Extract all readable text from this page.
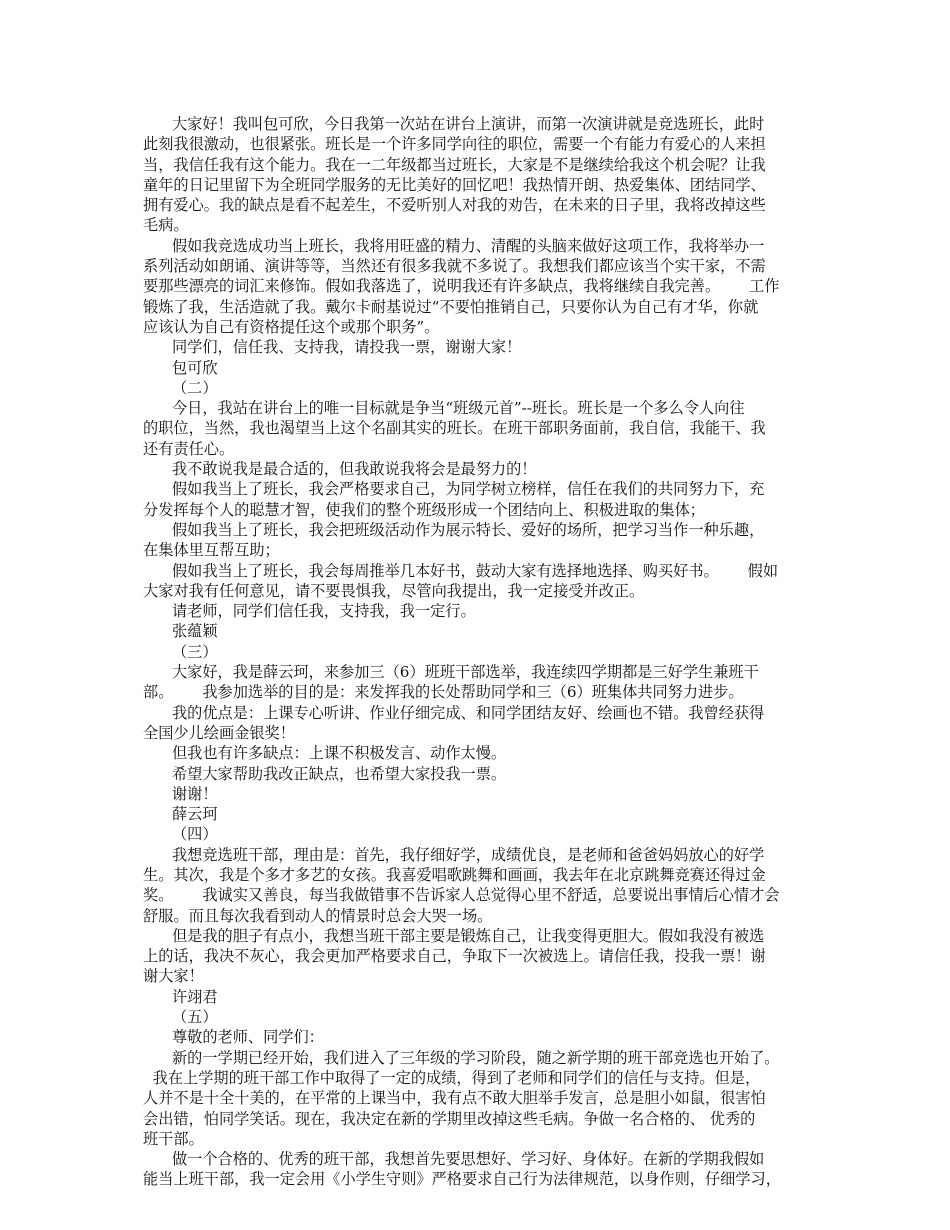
大家好！我叫包可欣，今日我第一次站在讲台上演讲，而第一次演讲就是竞选班长，此时
此刻我很激动，也很紧张。班长是一个许多同学向往的职位，需要一个有能力有爱心的人来担
当，我信任我有这个能力。我在一二年级都当过班长，大家是不是继续给我这个机会呢？让我
童年的日记里留下为全班同学服务的无比美好的回忆吧！我热情开朗、热爱集体、团结同学、
拥有爱心。我的缺点是看不起差生，不爱听别人对我的劝告，在未来的日子里，我将改掉这些
毛病。
假如我竞选成功当上班长，我将用旺盛的精力、清醒的头脑来做好这项工作，我将举办一
系列活动如朗诵、演讲等等，当然还有很多我就不多说了。我想我们都应该当个实干家，不需
要那些漂亮的词汇来修饰。假如我落选了，说明我还有许多缺点，我将继续自我完善。      工作
锻炼了我，生活造就了我。戴尔卡耐基说过“不要怕推销自己，只要你认为自己有才华，你就
应该认为自己有资格提任这个或那个职务”。
同学们，信任我、支持我，请投我一票，谢谢大家！
包可欣
（二）
今日，我站在讲台上的唯一目标就是争当“班级元首”--班长。班长是一个多么令人向往
的职位，当然，我也渴望当上这个名副其实的班长。在班干部职务面前，我自信，我能干、我
还有责任心。
我不敢说我是最合适的，但我敢说我将会是最努力的！
假如我当上了班长，我会严格要求自己，为同学树立榜样，信任在我们的共同努力下，充
分发挥每个人的聪慧才智，使我们的整个班级形成一个团结向上、积极进取的集体；
假如我当上了班长，我会把班级活动作为展示特长、爱好的场所，把学习当作一种乐趣，
在集体里互帮互助；
假如我当上了班长，我会每周推举几本好书，鼓动大家有选择地选择、购买好书。      假如
大家对我有任何意见，请不要畏惧我，尽管向我提出，我一定接受并改正。
请老师，同学们信任我，支持我，我一定行。
张蕴颖
（三）
大家好，我是薛云珂，来参加三（6）班班干部选举，我连续四学期都是三好学生兼班干
部。      我参加选举的目的是：来发挥我的长处帮助同学和三（6）班集体共同努力进步。
我的优点是：上课专心听讲、作业仔细完成、和同学团结友好、绘画也不错。我曾经获得
全国少儿绘画金银奖！
但我也有许多缺点：上课不积极发言、动作太慢。
希望大家帮助我改正缺点，也希望大家投我一票。
谢谢！
薛云珂
（四）
我想竞选班干部，理由是：首先，我仔细好学，成绩优良，是老师和爸爸妈妈放心的好学
生。其次，我是个多才多艺的女孩。我喜爱唱歌跳舞和画画，我去年在北京跳舞竞赛还得过金
奖。      我诚实又善良，每当我做错事不告诉家人总觉得心里不舒适，总要说出事情后心情才会
舒服。而且每次我看到动人的情景时总会大哭一场。
但是我的胆子有点小，我想当班干部主要是锻炼自己，让我变得更胆大。假如我没有被选
上的话，我决不灰心，我会更加严格要求自己，争取下一次被选上。请信任我，投我一票！谢
谢大家！
许翊君
（五）
尊敬的老师、同学们：
新的一学期已经开始，我们进入了三年级的学习阶段，随之新学期的班干部竞选也开始了。
我在上学期的班干部工作中取得了一定的成绩，得到了老师和同学们的信任与支持。但是，
人并不是十全十美的，在平常的上课当中，我有点不敢大胆举手发言，总是胆小如鼠，很害怕
会出错，怕同学笑话。现在，我决定在新的学期里改掉这些毛病。争做一名合格的、 优秀的
班干部。
做一个合格的、优秀的班干部，我想首先要思想好、学习好、身体好。在新的学期我假如
能当上班干部，我一定会用《小学生守则》严格要求自己行为法律规范，以身作则，仔细学习，
